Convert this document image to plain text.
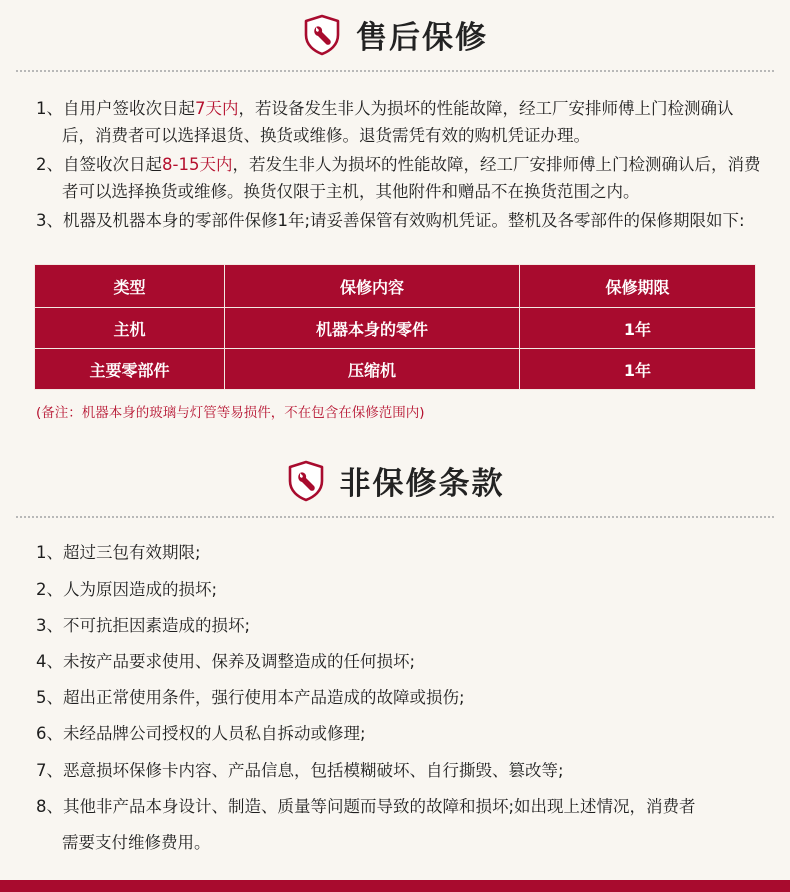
售后保修
1、自用户签收次日起7天内，若设备发生非人为损坏的性能故障，经工厂安排师傅上门检测确认后，消费者可以选择退货、换货或维修。退货需凭有效的购机凭证办理。
2、自签收次日起8-15天内，若发生非人为损坏的性能故障，经工厂安排师傅上门检测确认后，消费者可以选择换货或维修。换货仅限于主机，其他附件和赠品不在换货范围之内。
3、机器及机器本身的零部件保修1年;请妥善保管有效购机凭证。整机及各零部件的保修期限如下:
类型	保修内容	保修期限
主机	机器本身的零件	1年
主要零部件	压缩机	1年
(备注：机器本身的玻璃与灯管等易损件，不在包含在保修范围内)
非保修条款
1、超过三包有效期限;
2、人为原因造成的损坏;
3、不可抗拒因素造成的损坏;
4、未按产品要求使用、保养及调整造成的任何损坏;
5、超出正常使用条件，强行使用本产品造成的故障或损伤;
6、未经品牌公司授权的人员私自拆动或修理;
7、恶意损坏保修卡内容、产品信息，包括模糊破坏、自行撕毁、篡改等;
8、其他非产品本身设计、制造、质量等问题而导致的故障和损坏;如出现上述情况，消费者
需要支付维修费用。
